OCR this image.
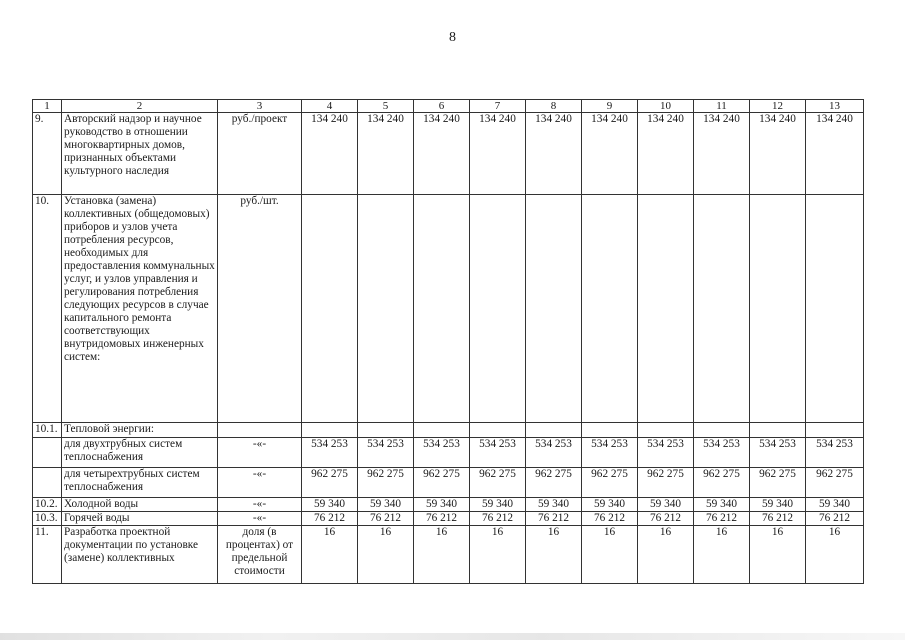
8
1	2	3	4	5	6	7	8	9	10	11	12	13
9.	Авторский надзор и научное руководство в отношении многоквартирных домов, признанных объектами культурного наследия	руб./проект	134 240	134 240	134 240	134 240	134 240	134 240	134 240	134 240	134 240	134 240
10.	Установка (замена) коллективных (общедомовых) приборов и узлов учета потребления ресурсов, необходимых для предоставления коммунальных услуг, и узлов управления и регулирования потребления следующих ресурсов в случае капитального ремонта соответствующих внутридомовых инженерных систем:	руб./шт.										
10.1.	Тепловой энергии:											
	для двухтрубных систем теплоснабжения	-«-	534 253	534 253	534 253	534 253	534 253	534 253	534 253	534 253	534 253	534 253
	для четырехтрубных систем теплоснабжения	-«-	962 275	962 275	962 275	962 275	962 275	962 275	962 275	962 275	962 275	962 275
10.2.	Холодной воды	-«-	59 340	59 340	59 340	59 340	59 340	59 340	59 340	59 340	59 340	59 340
10.3.	Горячей воды	-«-	76 212	76 212	76 212	76 212	76 212	76 212	76 212	76 212	76 212	76 212
11.	Разработка проектной документации по установке (замене) коллективных	доля (в процентах) от предельной стоимости	16	16	16	16	16	16	16	16	16	16
